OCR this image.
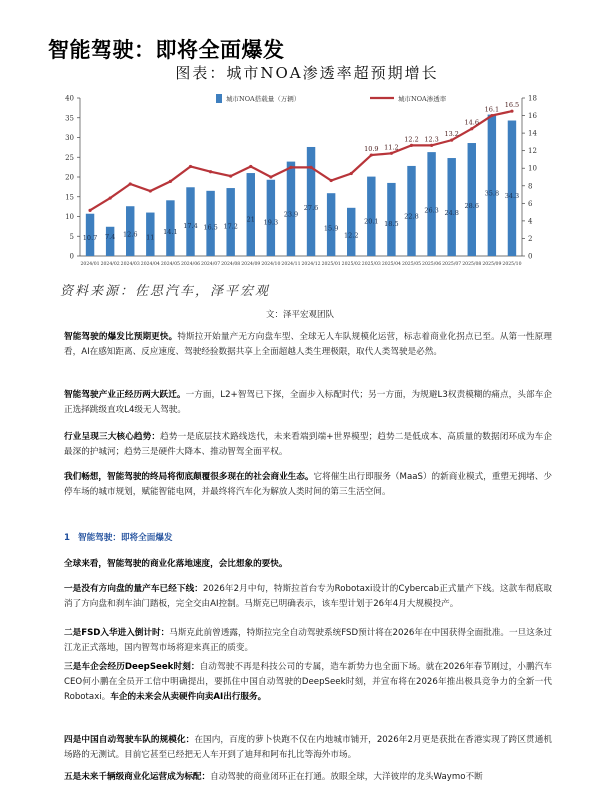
智能驾驶：即将全面爆发
图表：城市NOA渗透率超预期增长
0
5
10
15
20
25
30
35
40
0
2
4
6
8
10
12
14
16
18
10.7 7.4 12.6 11
14.1
17.4 16.5 17.2
21 19.3
23.9
27.6
15.9
12.2
20.1 18.5
22.8
26.3 24.8
28.6
35.8 34.3
10.9 11.2
12.2 12.3
13.2
14.6
16.1
16.5
2024/01 2024/02 2024/03 2024/04 2024/05 2024/06 2024/07 2024/08 2024/09 2024/10 2024/11 2024/12 2025/01 2025/02 2025/03 2025/04 2025/05 2025/06 2025/07 2025/08 2025/09 2025/10
城市NOA搭载量（万辆）	城市NOA渗透率
资料来源：佐思汽车，泽平宏观
文：泽平宏观团队
智能驾驶的爆发比预期更快。特斯拉开始量产无方向盘车型、全球无人车队规模化运营，标志着商业化拐点已至。从第一性原理看，AI在感知距离、反应速度、驾驶经验数据共享上全面超越人类生理极限，取代人类驾驶是必然。
智能驾驶产业正经历两大跃迁。一方面，L2+智驾已下探，全面步入标配时代；另一方面，为规避L3权责模糊的痛点，头部车企正选择跳级直攻L4级无人驾驶。
行业呈现三大核心趋势：趋势一是底层技术路线迭代，未来看端到端+世界模型；趋势二是低成本、高质量的数据闭环成为车企最深的护城河；趋势三是硬件大降本、推动智驾全面平权。
我们畅想，智能驾驶的终局将彻底颠覆很多现在的社会商业生态。它将催生出行即服务（MaaS）的新商业模式，重塑无拥堵、少停车场的城市规划，赋能智能电网，并最终将汽车化为解放人类时间的第三生活空间。
1 智能驾驶：即将全面爆发
全球来看，智能驾驶的商业化落地速度，会比想象的要快。
一是没有方向盘的量产车已经下线：2026年2月中旬，特斯拉首台专为Robotaxi设计的Cybercab正式量产下线。这款车彻底取消了方向盘和刹车油门踏板，完全交由AI控制。马斯克已明确表示，该车型计划于26年4月大规模投产。
二是FSD入华进入倒计时：马斯克此前曾透露，特斯拉完全自动驾驶系统FSD预计将在2026年在中国获得全面批准。一旦这条过江龙正式落地，国内智驾市场将迎来真正的质变。
三是车企会经历DeepSeek时刻：自动驾驶不再是科技公司的专属，造车新势力也全面下场。就在2026年春节刚过，小鹏汽车CEO何小鹏在全员开工信中明确提出，要抓住中国自动驾驶的DeepSeek时刻，并宣布将在2026年推出极具竞争力的全新一代Robotaxi。车企的未来会从卖硬件向卖AI出行服务。
四是中国自动驾驶车队的规模化：在国内，百度的萝卜快跑不仅在内地城市铺开，2026年2月更是获批在香港实现了跨区贯通机场路的无测试。目前它甚至已经把无人车开到了迪拜和阿布扎比等海外市场。
五是未来千辆级商业化运营成为标配：自动驾驶的商业闭环正在打通。放眼全球，大洋彼岸的龙头Waymo不断
